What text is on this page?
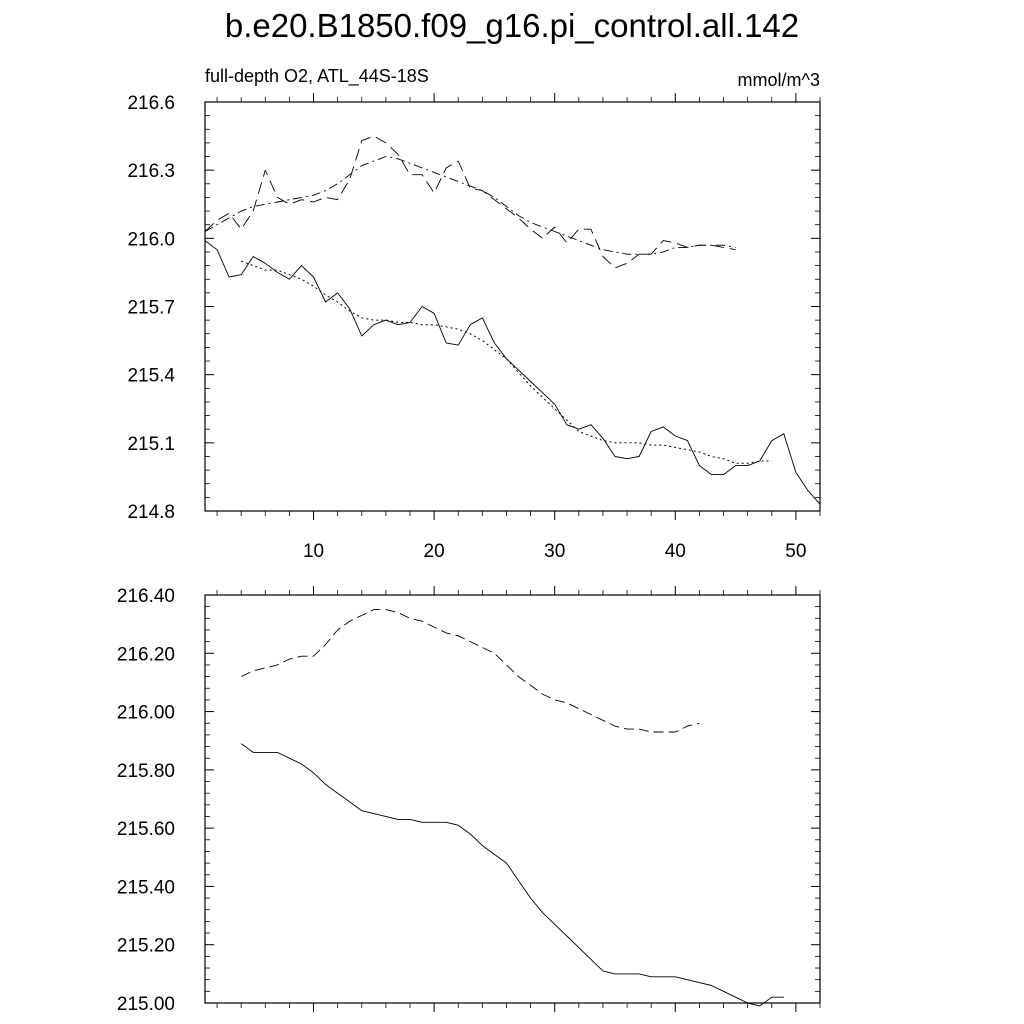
b.e20.B1850.f09_g16.pi_control.all.142
full-depth O2, ATL_44S-18S	mmol/m^3
214.8
215.1
215.4
215.7
216.0
216.3
216.6
10	20	30	40	50
215.00
215.20
215.40
215.60
215.80
216.00
216.20
216.40
